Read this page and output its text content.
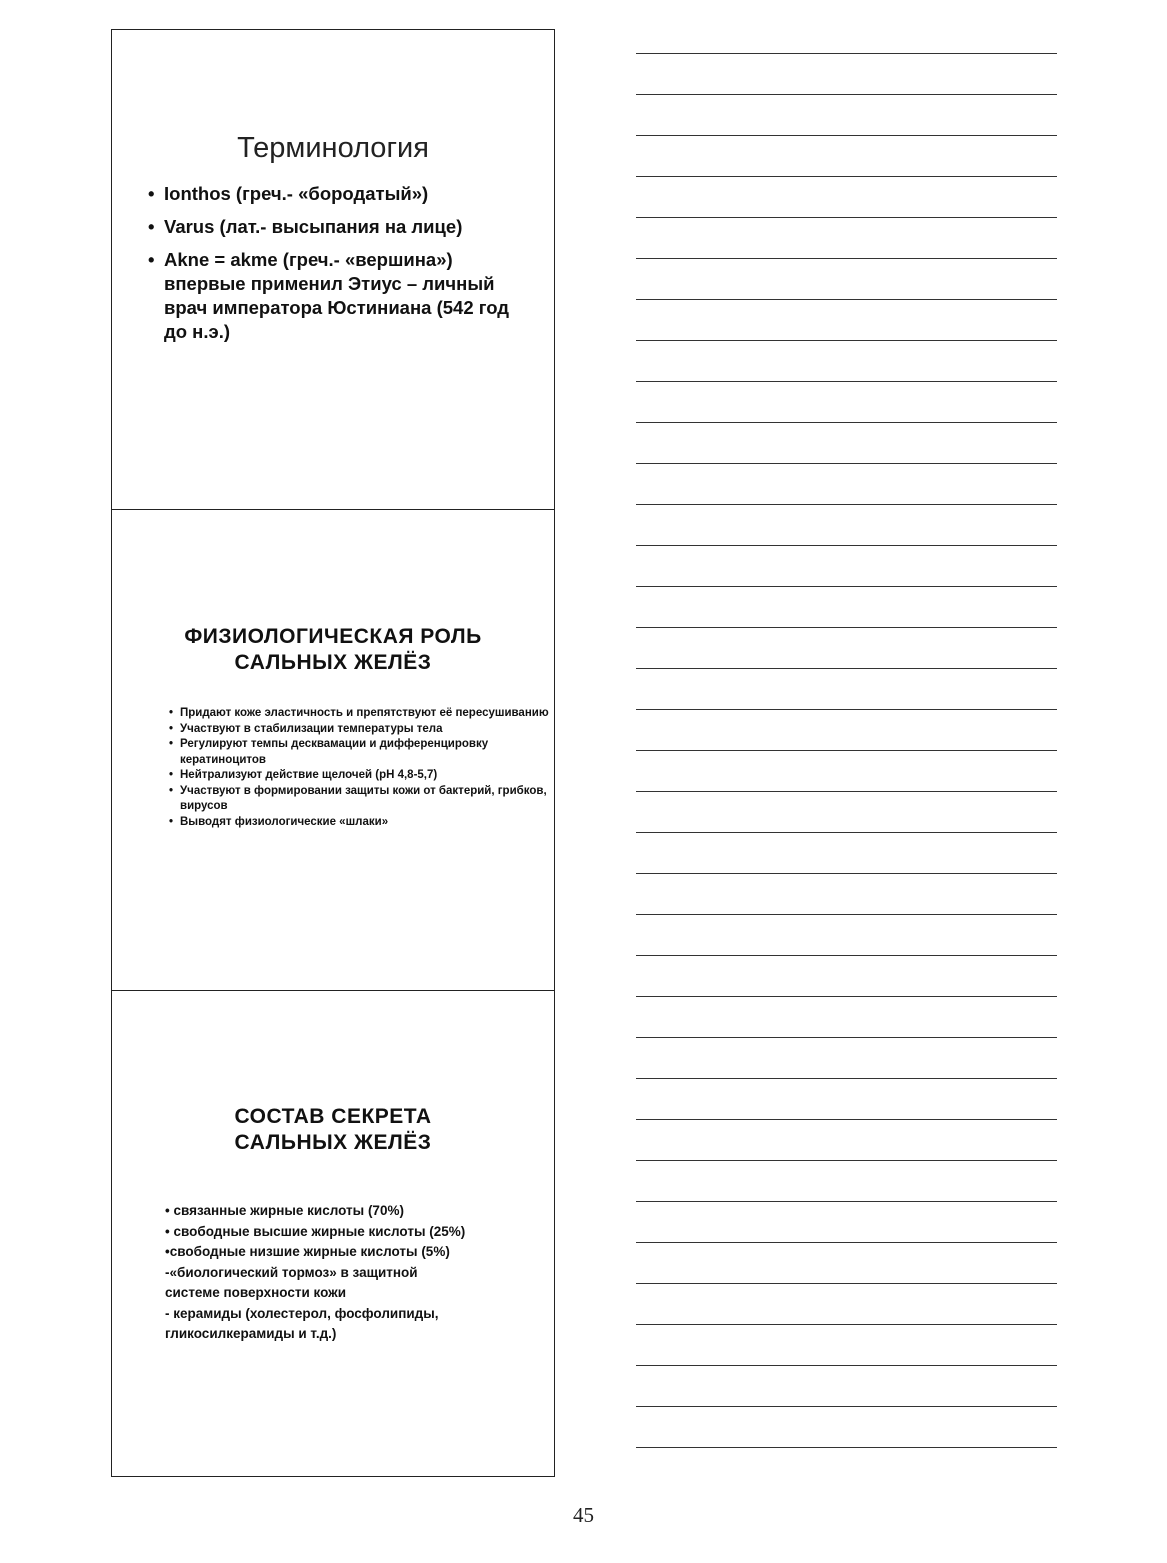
Терминология
• Ionthos (греч.- «бородатый»)
• Varus (лат.- высыпания на лице)
• Akne = akme (греч.- «вершина») впервые применил Этиус – личный врач императора Юстиниана (542 год до н.э.)
ФИЗИОЛОГИЧЕСКАЯ РОЛЬ САЛЬНЫХ ЖЕЛЁЗ
• Придают коже эластичность и препятствуют её пересушиванию
• Участвуют в стабилизации температуры тела
• Регулируют темпы десквамации и дифференцировку кератиноцитов
• Нейтрализуют действие щелочей (pH 4,8-5,7)
• Участвуют в формировании защиты кожи от бактерий, грибков, вирусов
• Выводят физиологические «шлаки»
СОСТАВ СЕКРЕТА
САЛЬНЫХ ЖЕЛЁЗ
• связанные жирные кислоты (70%)
• свободные высшие жирные кислоты (25%)
•свободные низшие жирные кислоты (5%)
-«биологический тормоз» в защитной
системе поверхности кожи
- керамиды (холестерол, фосфолипиды,
гликосилкерамиды и т.д.)
45
